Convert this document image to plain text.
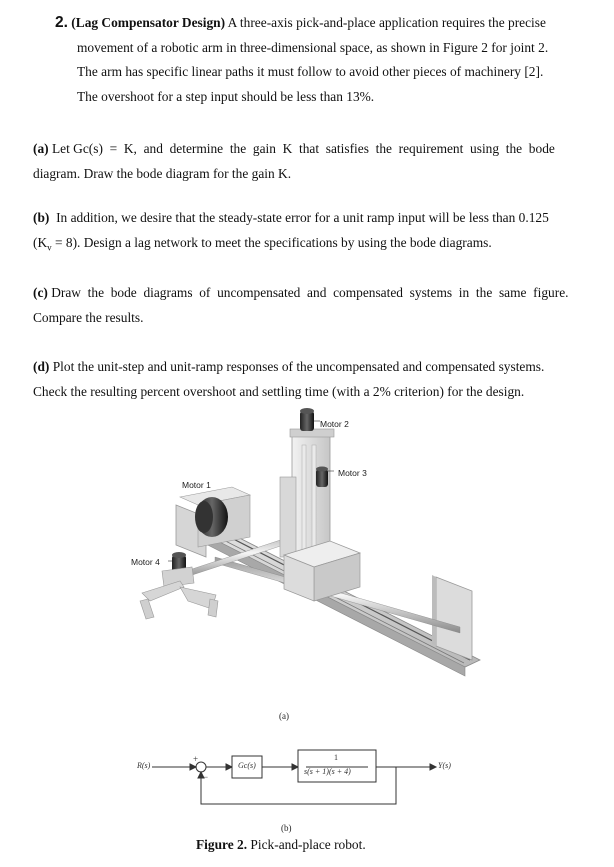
2. (Lag Compensator Design) A three-axis pick-and-place application requires the precise
movement of a robotic arm in three-dimensional space, as shown in Figure 2 for joint 2.
The arm has specific linear paths it must follow to avoid other pieces of machinery [2].
The overshoot for a step input should be less than 13%.
(a) Let Gc(s)  =  K,  and  determine  the  gain  K  that  satisfies  the  requirement  using  the  bode
diagram. Draw the bode diagram for the gain K.
(b)  In addition, we desire that the steady-state error for a unit ramp input will be less than 0.125
$(K_v = 8)$. Design a lag network to meet the specifications by using the bode diagrams.
(c) Draw  the  bode  diagrams  of  uncompensated  and  compensated  systems  in  the  same  figure.
Compare the results.
(d) Plot the unit-step and unit-ramp responses of the uncompensated and compensated systems.
Check the resulting percent overshoot and settling time (with a 2% criterion) for the design.
Motor 2
Motor 3
Motor 1
Motor 4
(a)
R(s)
+
−
Gc(s)
1
s(s + 1)(s + 4)
Y(s)
(b)
Figure 2. Pick-and-place robot.
